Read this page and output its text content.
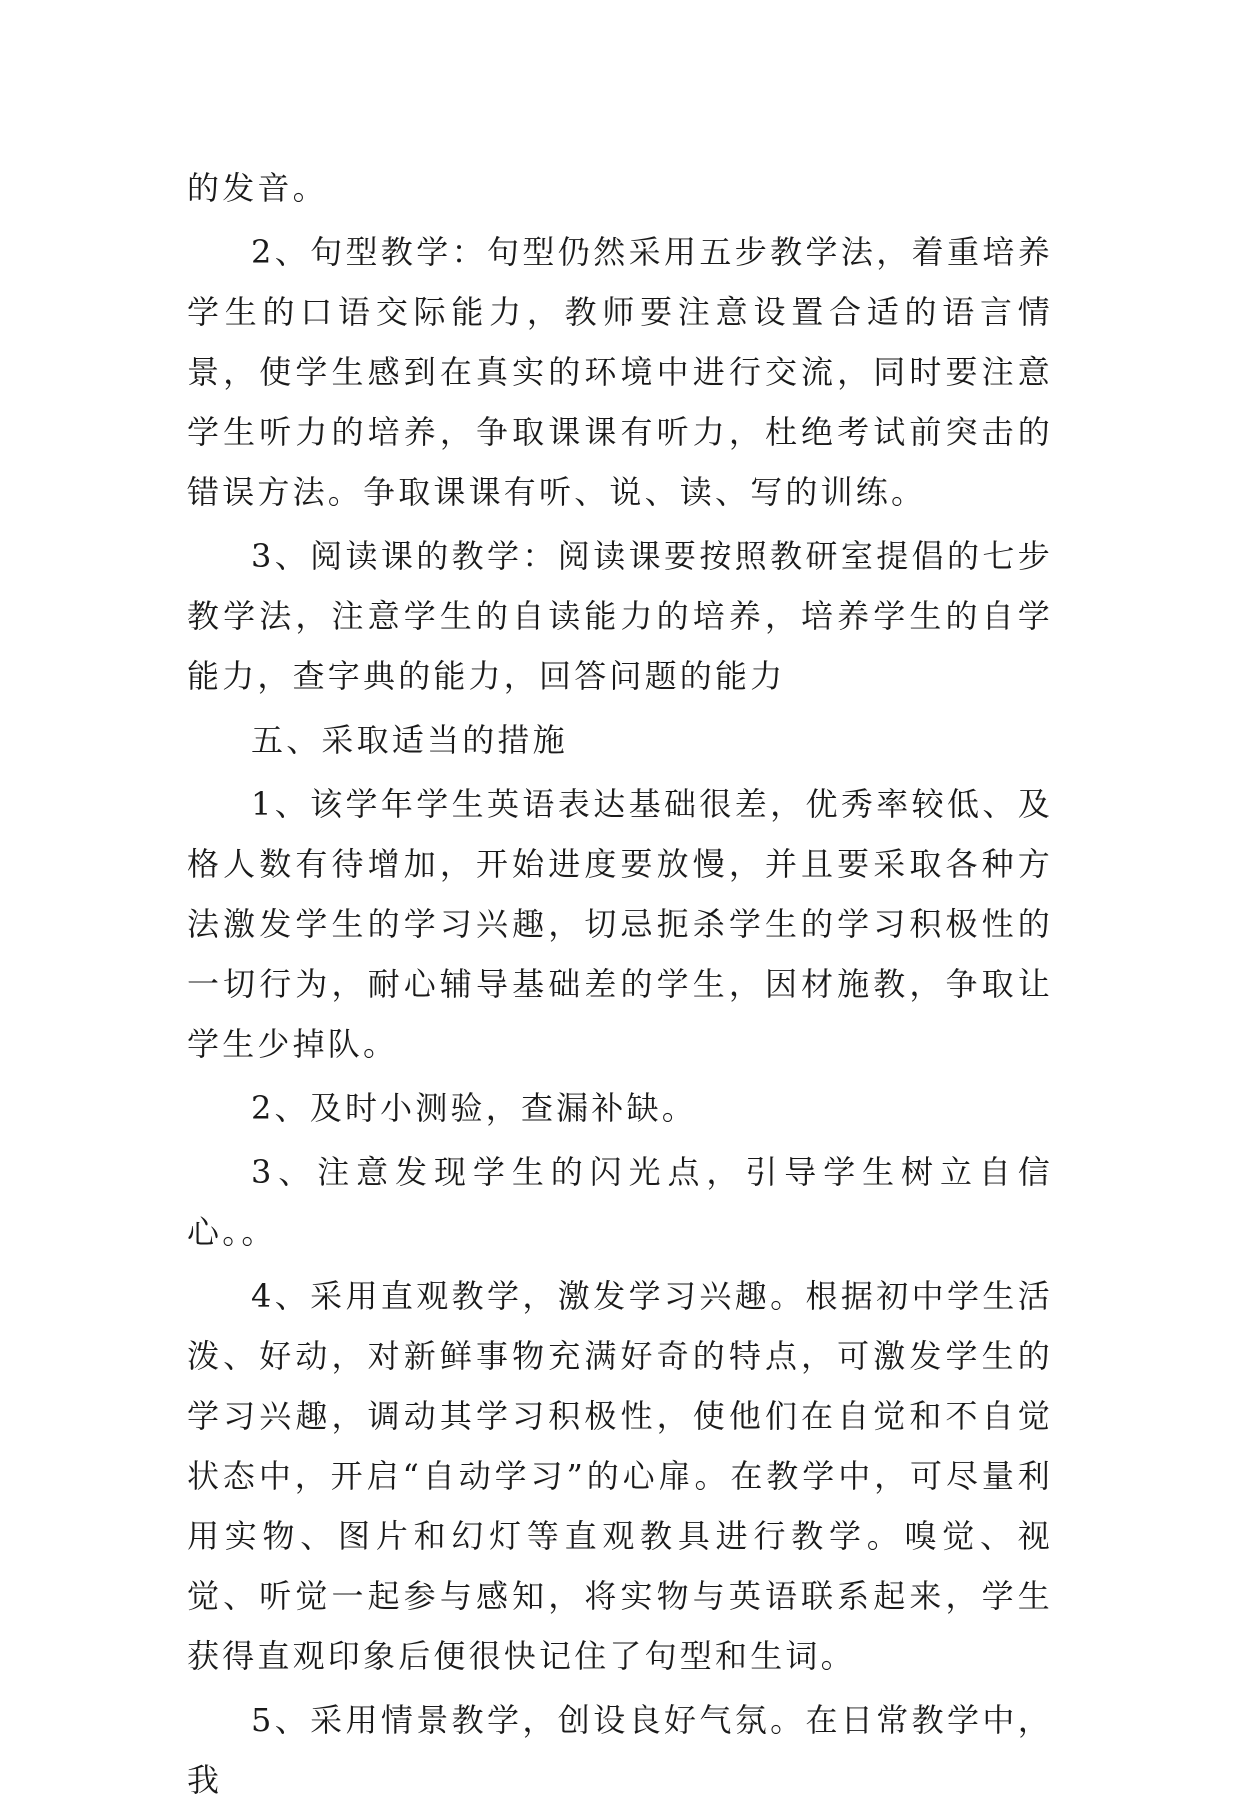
的发音。

2、句型教学：句型仍然采用五步教学法，着重培养学生的口语交际能力，教师要注意设置合适的语言情景，使学生感到在真实的环境中进行交流，同时要注意学生听力的培养，争取课课有听力，杜绝考试前突击的错误方法。争取课课有听、说、读、写的训练。

3、阅读课的教学：阅读课要按照教研室提倡的七步教学法，注意学生的自读能力的培养，培养学生的自学能力，查字典的能力，回答问题的能力

五、采取适当的措施

1、该学年学生英语表达基础很差，优秀率较低、及格人数有待增加，开始进度要放慢，并且要采取各种方法激发学生的学习兴趣，切忌扼杀学生的学习积极性的一切行为，耐心辅导基础差的学生，因材施教，争取让学生少掉队。

2、及时小测验，查漏补缺。

3、注意发现学生的闪光点，引导学生树立自信心。。

4、采用直观教学，激发学习兴趣。根据初中学生活泼、好动，对新鲜事物充满好奇的特点，可激发学生的学习兴趣，调动其学习积极性，使他们在自觉和不自觉状态中，开启“自动学习”的心扉。在教学中，可尽量利用实物、图片和幻灯等直观教具进行教学。嗅觉、视觉、听觉一起参与感知，将实物与英语联系起来，学生获得直观印象后便很快记住了句型和生词。

5、采用情景教学，创设良好气氛。在日常教学中，我
